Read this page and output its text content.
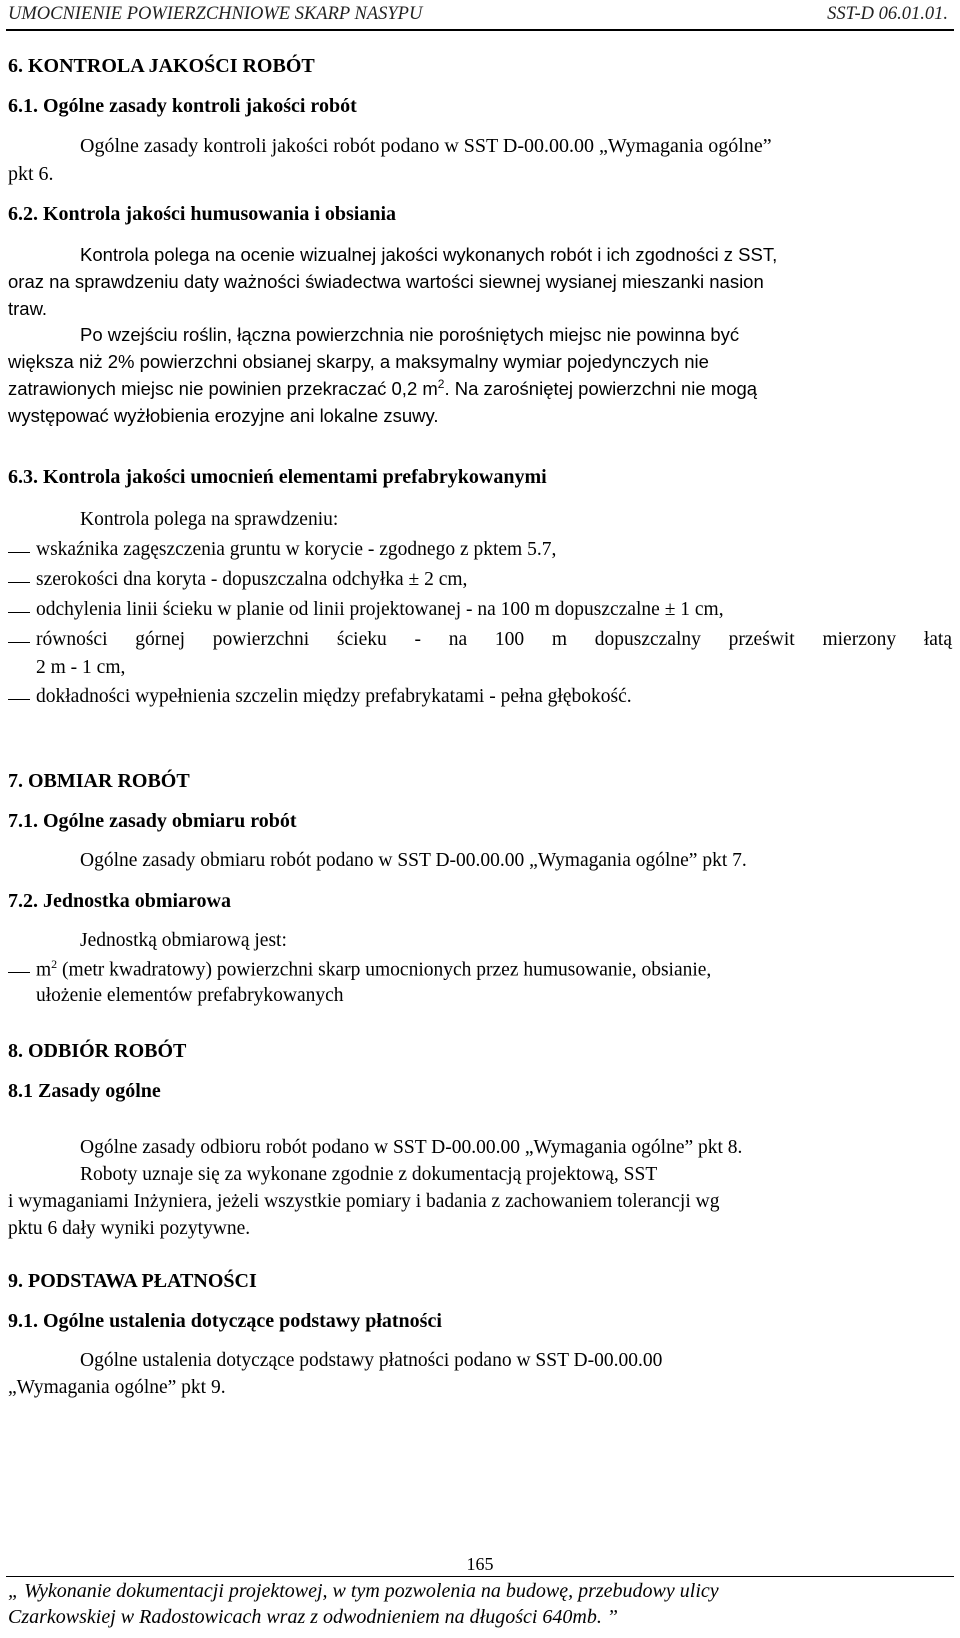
UMOCNIENIE POWIERZCHNIOWE SKARP NASYPU	SST-D 06.01.01.
6. KONTROLA JAKOŚCI ROBÓT
6.1. Ogólne zasady kontroli jakości robót
Ogólne zasady kontroli jakości robót podano w SST D-00.00.00 „Wymagania ogólne”
pkt 6.
6.2. Kontrola jakości humusowania i obsiania
Kontrola polega na ocenie wizualnej jakości wykonanych robót i ich zgodności z SST,
oraz na sprawdzeniu daty ważności świadectwa wartości siewnej wysianej mieszanki nasion
traw.
Po wzejściu roślin, łączna powierzchnia nie porośniętych miejsc nie powinna być
większa niż 2% powierzchni obsianej skarpy, a maksymalny wymiar pojedynczych nie
zatrawionych miejsc nie powinien przekraczać 0,2 $m^2$. Na zarośniętej powierzchni nie mogą
występować wyżłobienia erozyjne ani lokalne zsuwy.
6.3. Kontrola jakości umocnień elementami prefabrykowanymi
Kontrola polega na sprawdzeniu:
wskaźnika zagęszczenia gruntu w korycie - zgodnego z pktem 5.7,
szerokości dna koryta - dopuszczalna odchyłka ± 2 cm,
odchylenia linii ścieku w planie od linii projektowanej - na 100 m dopuszczalne ± 1 cm,
równości górnej powierzchni ścieku - na 100 m dopuszczalny prześwit mierzony łatą
2 m - 1 cm,
dokładności wypełnienia szczelin między prefabrykatami - pełna głębokość.
7. OBMIAR ROBÓT
7.1. Ogólne zasady obmiaru robót
Ogólne zasady obmiaru robót podano w SST D-00.00.00 „Wymagania ogólne” pkt 7.
7.2. Jednostka obmiarowa
Jednostką obmiarową jest:
$m^2$ (metr kwadratowy) powierzchni skarp umocnionych przez humusowanie, obsianie,
ułożenie elementów prefabrykowanych
8. ODBIÓR ROBÓT
8.1 Zasady ogólne
Ogólne zasady odbioru robót podano w SST D-00.00.00 „Wymagania ogólne” pkt 8.
Roboty uznaje się za wykonane zgodnie z dokumentacją projektową, SST
i wymaganiami Inżyniera, jeżeli wszystkie pomiary i badania z zachowaniem tolerancji wg
pktu 6 dały wyniki pozytywne.
9. PODSTAWA PŁATNOŚCI
9.1. Ogólne ustalenia dotyczące podstawy płatności
Ogólne ustalenia dotyczące podstawy płatności podano w SST D-00.00.00
„Wymagania ogólne” pkt 9.
165
„ Wykonanie dokumentacji projektowej, w tym pozwolenia na budowę, przebudowy ulicy
Czarkowskiej w Radostowicach wraz z odwodnieniem na długości 640mb. ”
